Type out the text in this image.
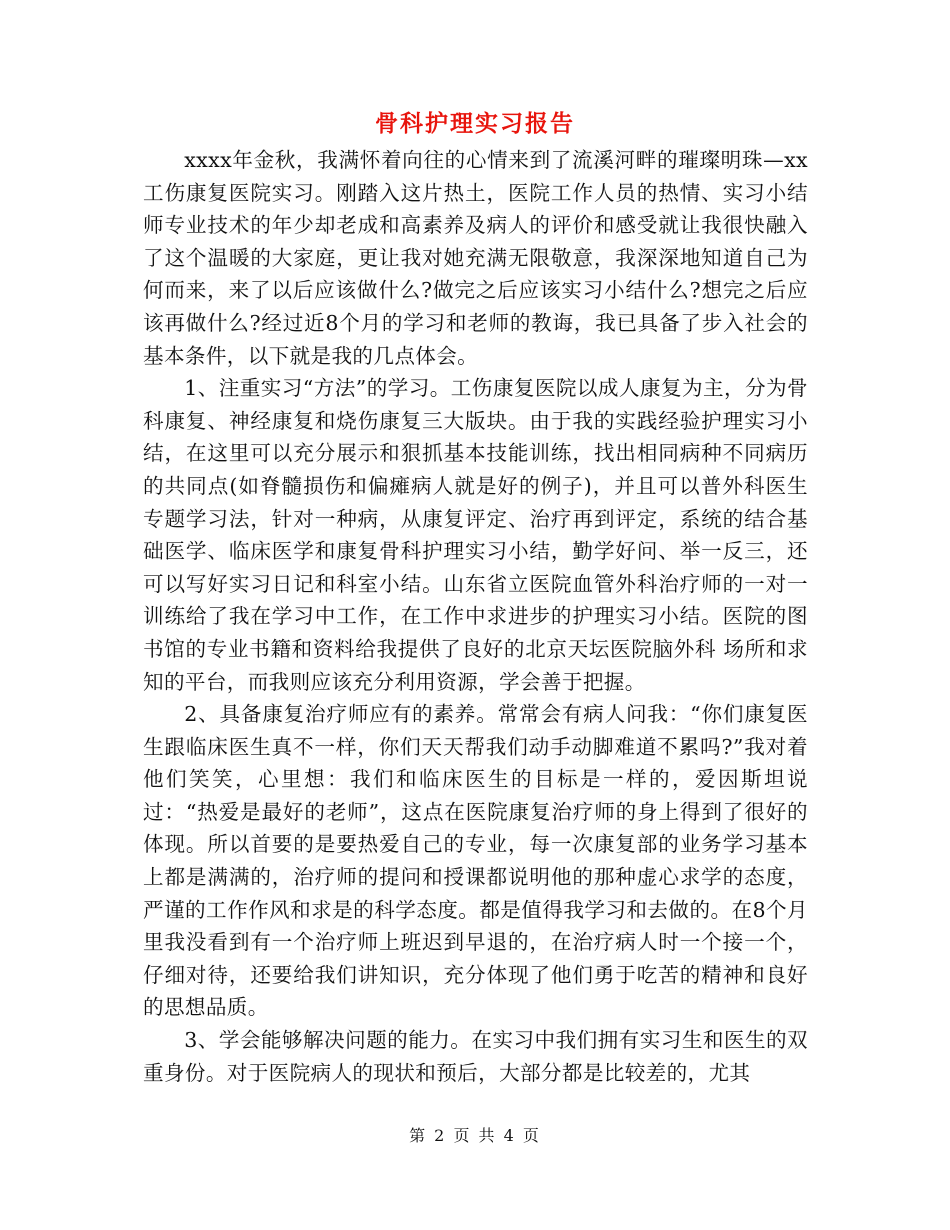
骨科护理实习报告

xxxx年金秋，我满怀着向往的心情来到了流溪河畔的璀璨明珠—xx工伤康复医院实习。刚踏入这片热土，医院工作人员的热情、实习小结师专业技术的年少却老成和高素养及病人的评价和感受就让我很快融入了这个温暖的大家庭，更让我对她充满无限敬意，我深深地知道自己为何而来，来了以后应该做什么?做完之后应该实习小结什么?想完之后应该再做什么?经过近8个月的学习和老师的教诲，我已具备了步入社会的基本条件，以下就是我的几点体会。

1、注重实习“方法”的学习。工伤康复医院以成人康复为主，分为骨科康复、神经康复和烧伤康复三大版块。由于我的实践经验护理实习小结，在这里可以充分展示和狠抓基本技能训练，找出相同病种不同病历的共同点(如脊髓损伤和偏瘫病人就是好的例子)，并且可以普外科医生 专题学习法，针对一种病，从康复评定、治疗再到评定，系统的结合基础医学、临床医学和康复骨科护理实习小结，勤学好问、举一反三，还可以写好实习日记和科室小结。山东省立医院血管外科治疗师的一对一训练给了我在学习中工作，在工作中求进步的护理实习小结。医院的图书馆的专业书籍和资料给我提供了良好的北京天坛医院脑外科 场所和求知的平台，而我则应该充分利用资源，学会善于把握。

2、具备康复治疗师应有的素养。常常会有病人问我：“你们康复医生跟临床医生真不一样，你们天天帮我们动手动脚难道不累吗?”我对着他们笑笑，心里想：我们和临床医生的目标是一样的，爱因斯坦说过：“热爱是最好的老师”，这点在医院康复治疗师的身上得到了很好的体现。所以首要的是要热爱自己的专业，每一次康复部的业务学习基本上都是满满的，治疗师的提问和授课都说明他的那种虚心求学的态度，严谨的工作作风和求是的科学态度。都是值得我学习和去做的。在8个月里我没看到有一个治疗师上班迟到早退的，在治疗病人时一个接一个，仔细对待，还要给我们讲知识，充分体现了他们勇于吃苦的精神和良好的思想品质。

3、学会能够解决问题的能力。在实习中我们拥有实习生和医生的双重身份。对于医院病人的现状和预后，大部分都是比较差的，尤其

第 2 页 共 4 页
